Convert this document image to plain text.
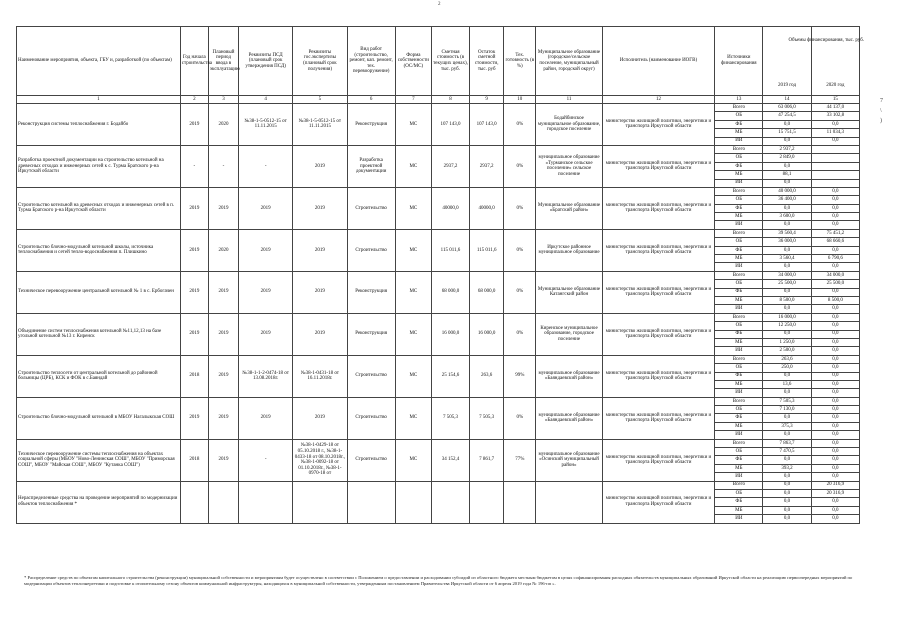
2
7
\
)
Наименование мероприятия, объекта, ГБУ и, разработкой (по объектам)	Год начала строительства	Плановый период ввода в эксплуатацию	Реквизиты ПСД (плановый срок утверждения ПСД)	Реквизиты гос.экспертизы (плановый срок получения)	Вид работ (строительство, ремонт, кап. ремонт, тех. перевооружение)	Форма собственности (ОС/МС)	Сметная стоимость (в текущих ценах), тыс. руб.	Остаток сметной стоимости, тыс. руб	Тех. готовность (в %)	Муниципальное образование (городское/сельское поселение, муниципальный район, городской округ)	Исполнитель (наименование ИОГВ)	Источники финансирования	Объемы финансирования, тыс. руб.
2019 год	2020 год
1	2	3	4	5	6	7	8	9	10	11	12	13	14	15
Реконструкция системы теплоснабжения г. Бодайбо	2019	2020	№38-1-5-0512-15 от 11.11.2015	№38-1-5-0512-15 от 11.11.2015	Реконструкция	МС	107 143,0	107 143,0	0%	Бодайбинское муниципальное образование, городское поселение	министерство жилищной политики, энергетики и транспорта Иркутской области	Всего	63 006,0	44 137,0
												ОБ	47 254,5	33 102,8
												ФБ	0,0	0,0
												МБ	15 751,5	11 034,3
												ИИ	0,0	0,0
Разработка проектной документации на строительство котельной на древесных отходах и инженерных сетей к с. Турма Братского р-на Иркутской области	-	-	-	2019	Разработка проектной документации	МС	2937,2	2937,2	0%	муниципальное образование «Турманское сельское поселение» сельское поселение	министерство жилищной политики, энергетики и транспорта Иркутской области	Всего	2 937,2	
												ОБ	2 849,0	
												ФБ	0,0	
												МБ	88,1	
												ИИ	0,0	
Строительство котельной на древесных отходах и инженерных сетей в п. Турма Братского р-на Иркутской области	2019	2019	2019	2019	Строительство	МС	40000,0	40000,0	0%	Муниципальное образование «Братский район»	министерство жилищной политики, энергетики и транспорта Иркутской области	Всего	40 000,0	0,0
												ОБ	36 400,0	0,0
												ФБ	0,0	0,0
												МБ	3 600,0	0,0
												ИИ	0,0	0,0
Строительство блочно-модульной котельной школы, источника теплоснабжения и сетей тепло-водоснабжения п. Плишкино	2019	2020	2019	2019	Строительство	МС	115 011,6	115 011,6	0%	Иркутское районное муниципальное образование	министерство жилищной политики, энергетики и транспорта Иркутской области	Всего	39 560,4	75 451,2
												ОБ	36 000,0	68 660,6
												ФБ	0,0	0,0
												МБ	3 560,4	6 790,6
												ИИ	0,0	0,0
Техническое перевооружение центральной котельной № 1 в с. Ербогачен	2019	2019	2019	2019	Реконструкция	МС	68 000,0	68 000,0	0%	Муниципальное образование Катангский район	министерство жилищной политики, энергетики и транспорта Иркутской области	Всего	34 000,0	34 000,0
												ОБ	25 500,0	25 500,0
												ФБ	0,0	0,0
												МБ	8 500,0	8 500,0
												ИИ	0,0	0,0
Объединение систем теплоснабжения котельной №11,12,13 на базе угольной котельной №13 г. Киренск	2019	2019	2019	2019	Реконструкция	МС	16 000,0	16 000,0	0%	Киренское муниципальное образование, городское поселение	министерство жилищной политики, энергетики и транспорта Иркутской области	Всего	16 000,0	0,0
												ОБ	12 250,0	0,0
												ФБ	0,0	0,0
												МБ	1 250,0	0,0
												ИИ	2 500,0	0,0
Строительство теплосети от центральной котельной до районной больницы (ЦРБ), КСК и ФОК в с.Баяндай	2018	2019	№38-1-1-2-0474-18 от 13.08.2018г.	№38-1-0431-18 от 16.11.2018г.	Строительство	МС	25 154,6	263,6	99%	муниципальное образование «Баяндаевский район»	министерство жилищной политики, энергетики и транспорта Иркутской области	Всего	263,6	0,0
												ОБ	250,0	0,0
												ФБ	0,0	0,0
												МБ	13,6	0,0
												ИИ	0,0	0,0
Строительство блочно-модульной котельной в МБОУ Нагалыкская СОШ	2019	2019	2019	2019	Строительство	МС	7 505,3	7 505,3	0%	муниципальное образование «Баяндаевский район»	министерство жилищной политики, энергетики и транспорта Иркутской области	Всего	7 505,3	0,0
												ОБ	7 130,0	0,0
												ФБ	0,0	0,0
												МБ	375,3	0,0
												ИИ	0,0	0,0
Техническое перевооружение системы теплоснабжения на объектах социальной сферы (МБОУ "Ново-Ленинская СОШ", МБОУ "Приморская СОШ", МБОУ "Майская СОШ", МБОУ "Кутанка СОШ")	2018	2019	-	№38-1-0429-18 от 05.10.2018 г., №38-1-0433-18 от 08.10.2018г., №38-1-0092-18 от 01.10.2018г., №38-1-0970-18 от	Строительство	МС	34 152,4	7 861,7	77%	муниципальное образование «Осинский муниципальный район»	министерство жилищной политики, энергетики и транспорта Иркутской области	Всего	7 863,7	0,0
												ОБ	7 470,5	0,0
												ФБ	0,0	0,0
												МБ	393,2	0,0
												ИИ	0,0	0,0
Нераспределенные средства на проведение мероприятий по модернизации объектов теплоснабжения *											министерство жилищной политики, энергетики и транспорта Иркутской области	Всего	0,0	20 316,9
												ОБ	0,0	20 316,9
												ФБ	0,0	0,0
												МБ	0,0	0,0
												ИИ	0,0	0,0
* Распределение средств по объектам капитального строительства (реконструкции) муниципальной собственности и мероприятиям будет осуществлено в соответствии с Положением о предоставлении и расходовании субсидий из областного бюджета местным бюджетам в целях софинансирования расходных обязательств муниципальных образований Иркутской области на реализацию первоочередных мероприятий по модернизации объектов теплоэнергетики и подготовке к отопительному сезону объектов коммунальной инфраструктуры, находящихся в муниципальной собственности, утвержденным постановлением Правительства Иркутской области от 6 апреля 2019 года № 196-пп ».
